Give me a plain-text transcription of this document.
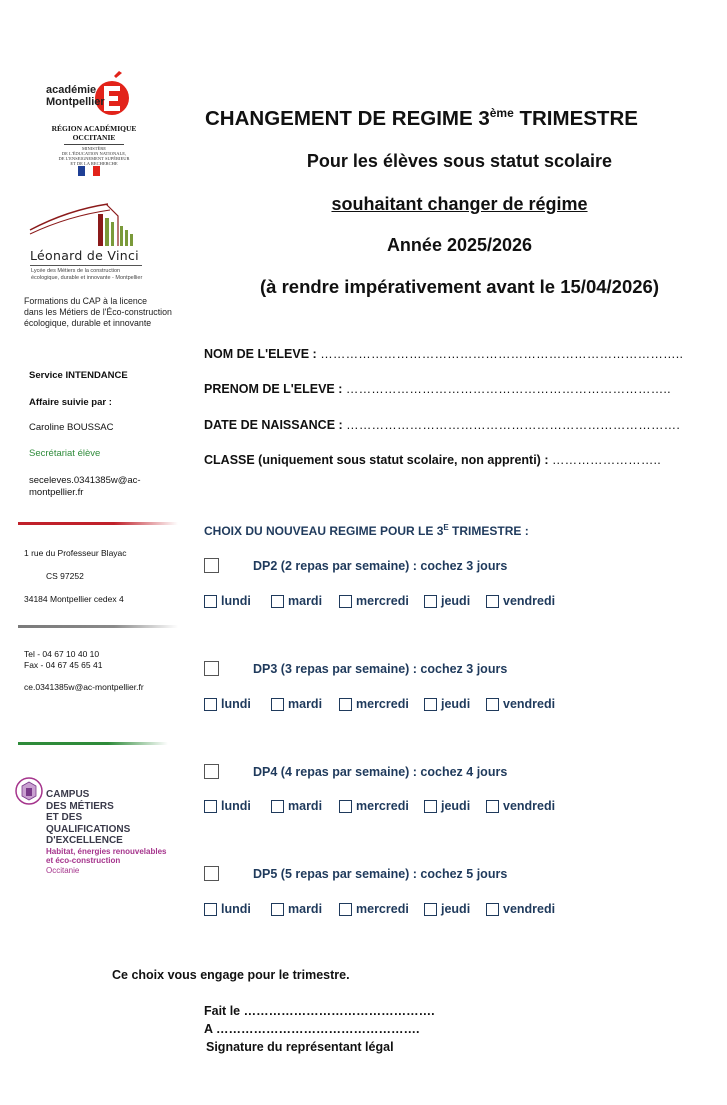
académie
Montpellier
RÉGION ACADÉMIQUE
OCCITANIE
MINISTÈRE
DE L'ÉDUCATION NATIONALE,
DE L'ENSEIGNEMENT SUPÉRIEUR
ET DE LA RECHERCHE
Léonard de Vinci
Lycée des Métiers de la construction
écologique, durable et innovante - Montpellier
Formations du CAP à la licence
dans les Métiers de l'Éco-construction
écologique, durable et innovante
Service INTENDANCE
Affaire suivie par :
Caroline BOUSSAC
Secrétariat élève
seceleves.0341385w@ac-
montpellier.fr
1 rue du Professeur Blayac
CS 97252
34184 Montpellier cedex 4
Tel - 04 67 10 40 10
Fax - 04 67 45 65 41
ce.0341385w@ac-montpellier.fr
CAMPUS
DES MÉTIERS
ET DES
QUALIFICATIONS
D'EXCELLENCE
Habitat, énergies renouvelables
et éco-construction
Occitanie
CHANGEMENT DE REGIME 3ème TRIMESTRE
Pour les élèves sous statut scolaire
souhaitant changer de régime
Année 2025/2026
(à rendre impérativement avant le 15/04/2026)
NOM DE L'ELEVE : …………………………………………………………………………..
PRENOM DE L'ELEVE : …………………………………………………………………..
DATE DE NAISSANCE : …………………………………………………………………….
CLASSE (uniquement sous statut scolaire, non apprenti) : ……………………..
CHOIX DU NOUVEAU REGIME POUR LE $3^E$ TRIMESTRE :
DP2 (2 repas par semaine) : cochez 3 jours
lundi	mardi	mercredi	jeudi	vendredi
DP3 (3 repas par semaine) : cochez 3 jours
lundi	mardi	mercredi	jeudi	vendredi
DP4 (4 repas par semaine) : cochez 4 jours
lundi	mardi	mercredi	jeudi	vendredi
DP5 (5 repas par semaine) : cochez 5 jours
lundi	mardi	mercredi	jeudi	vendredi
Ce choix vous engage pour le trimestre.
Fait le ……………………………………….
A ………………………………………….
Signature du représentant légal
